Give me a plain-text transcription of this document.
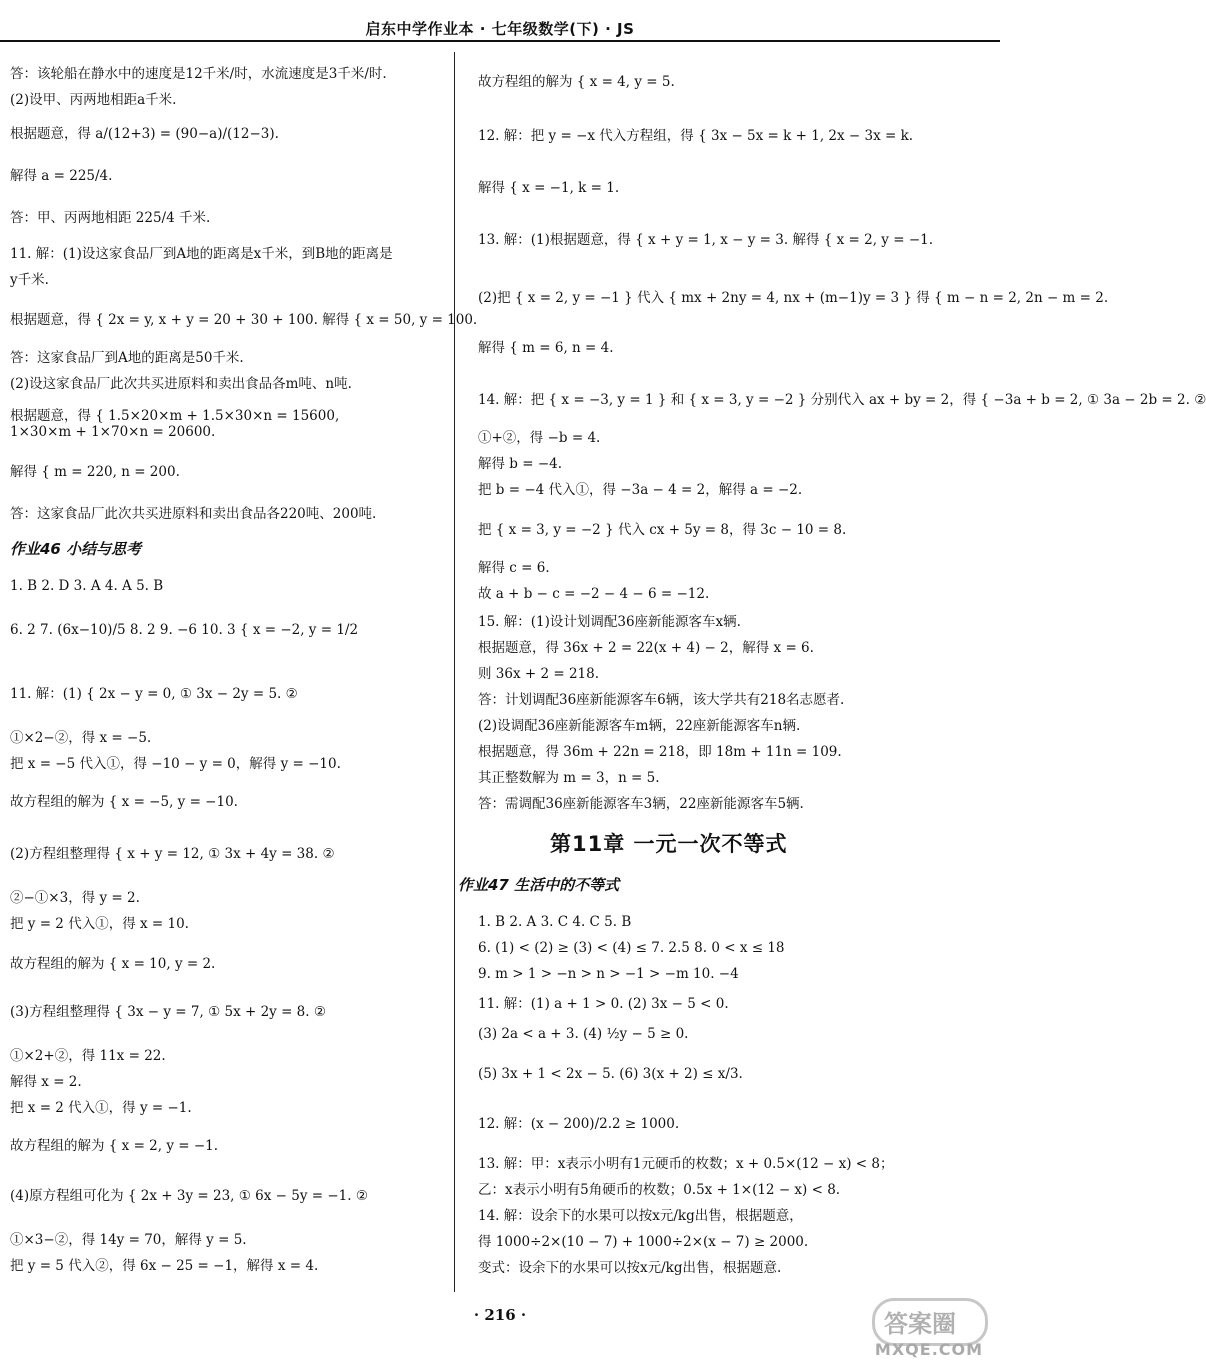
启东中学作业本 · 七年级数学(下) · JS
答：该轮船在静水中的速度是12千米/时，水流速度是3千米/时.
(2)设甲、丙两地相距a千米.
根据题意，得 a/(12+3) = (90−a)/(12−3).
解得 a = 225/4.
答：甲、丙两地相距 225/4 千米.
11. 解：(1)设这家食品厂到A地的距离是x千米，到B地的距离是
y千米.
根据题意，得 { 2x = y, x + y = 20 + 30 + 100. 解得 { x = 50, y = 100.
答：这家食品厂到A地的距离是50千米.
(2)设这家食品厂此次共买进原料和卖出食品各m吨、n吨.
根据题意，得 { 1.5×20×m + 1.5×30×n = 15600,
1×30×m + 1×70×n = 20600.
解得 { m = 220, n = 200.
答：这家食品厂此次共买进原料和卖出食品各220吨、200吨.
作业46 小结与思考
1. B 2. D 3. A 4. A 5. B
6. 2 7. (6x−10)/5 8. 2 9. −6 10. 3 { x = −2, y = 1/2
11. 解：(1) { 2x − y = 0, ① 3x − 2y = 5. ②
①×2−②，得 x = −5.
把 x = −5 代入①，得 −10 − y = 0，解得 y = −10.
故方程组的解为 { x = −5, y = −10.
(2)方程组整理得 { x + y = 12, ① 3x + 4y = 38. ②
②−①×3，得 y = 2.
把 y = 2 代入①，得 x = 10.
故方程组的解为 { x = 10, y = 2.
(3)方程组整理得 { 3x − y = 7, ① 5x + 2y = 8. ②
①×2+②，得 11x = 22.
解得 x = 2.
把 x = 2 代入①，得 y = −1.
故方程组的解为 { x = 2, y = −1.
(4)原方程组可化为 { 2x + 3y = 23, ① 6x − 5y = −1. ②
①×3−②，得 14y = 70，解得 y = 5.
把 y = 5 代入②，得 6x − 25 = −1，解得 x = 4.
故方程组的解为 { x = 4, y = 5.
12. 解：把 y = −x 代入方程组，得 { 3x − 5x = k + 1, 2x − 3x = k.
解得 { x = −1, k = 1.
13. 解：(1)根据题意，得 { x + y = 1, x − y = 3. 解得 { x = 2, y = −1.
(2)把 { x = 2, y = −1 } 代入 { mx + 2ny = 4, nx + (m−1)y = 3 } 得 { m − n = 2, 2n − m = 2.
解得 { m = 6, n = 4.
14. 解：把 { x = −3, y = 1 } 和 { x = 3, y = −2 } 分别代入 ax + by = 2，得 { −3a + b = 2, ① 3a − 2b = 2. ②
①+②，得 −b = 4.
解得 b = −4.
把 b = −4 代入①，得 −3a − 4 = 2，解得 a = −2.
把 { x = 3, y = −2 } 代入 cx + 5y = 8，得 3c − 10 = 8.
解得 c = 6.
故 a + b − c = −2 − 4 − 6 = −12.
15. 解：(1)设计划调配36座新能源客车x辆.
根据题意，得 36x + 2 = 22(x + 4) − 2，解得 x = 6.
则 36x + 2 = 218.
答：计划调配36座新能源客车6辆，该大学共有218名志愿者.
(2)设调配36座新能源客车m辆，22座新能源客车n辆.
根据题意，得 36m + 22n = 218，即 18m + 11n = 109.
其正整数解为 m = 3，n = 5.
答：需调配36座新能源客车3辆，22座新能源客车5辆.
第11章 一元一次不等式
作业47 生活中的不等式
1. B 2. A 3. C 4. C 5. B
6. (1) < (2) ≥ (3) < (4) ≤ 7. 2.5 8. 0 < x ≤ 18
9. m > 1 > −n > n > −1 > −m 10. −4
11. 解：(1) a + 1 > 0. (2) 3x − 5 < 0.
(3) 2a < a + 3. (4) ½y − 5 ≥ 0.
(5) 3x + 1 < 2x − 5. (6) 3(x + 2) ≤ x/3.
12. 解：(x − 200)/2.2 ≥ 1000.
13. 解：甲：x表示小明有1元硬币的枚数；x + 0.5×(12 − x) < 8；
乙：x表示小明有5角硬币的枚数；0.5x + 1×(12 − x) < 8.
14. 解：设余下的水果可以按x元/kg出售，根据题意，
得 1000÷2×(10 − 7) + 1000÷2×(x − 7) ≥ 2000.
变式：设余下的水果可以按x元/kg出售，根据题意.
· 216 ·	答案圈
MXQE.COM
